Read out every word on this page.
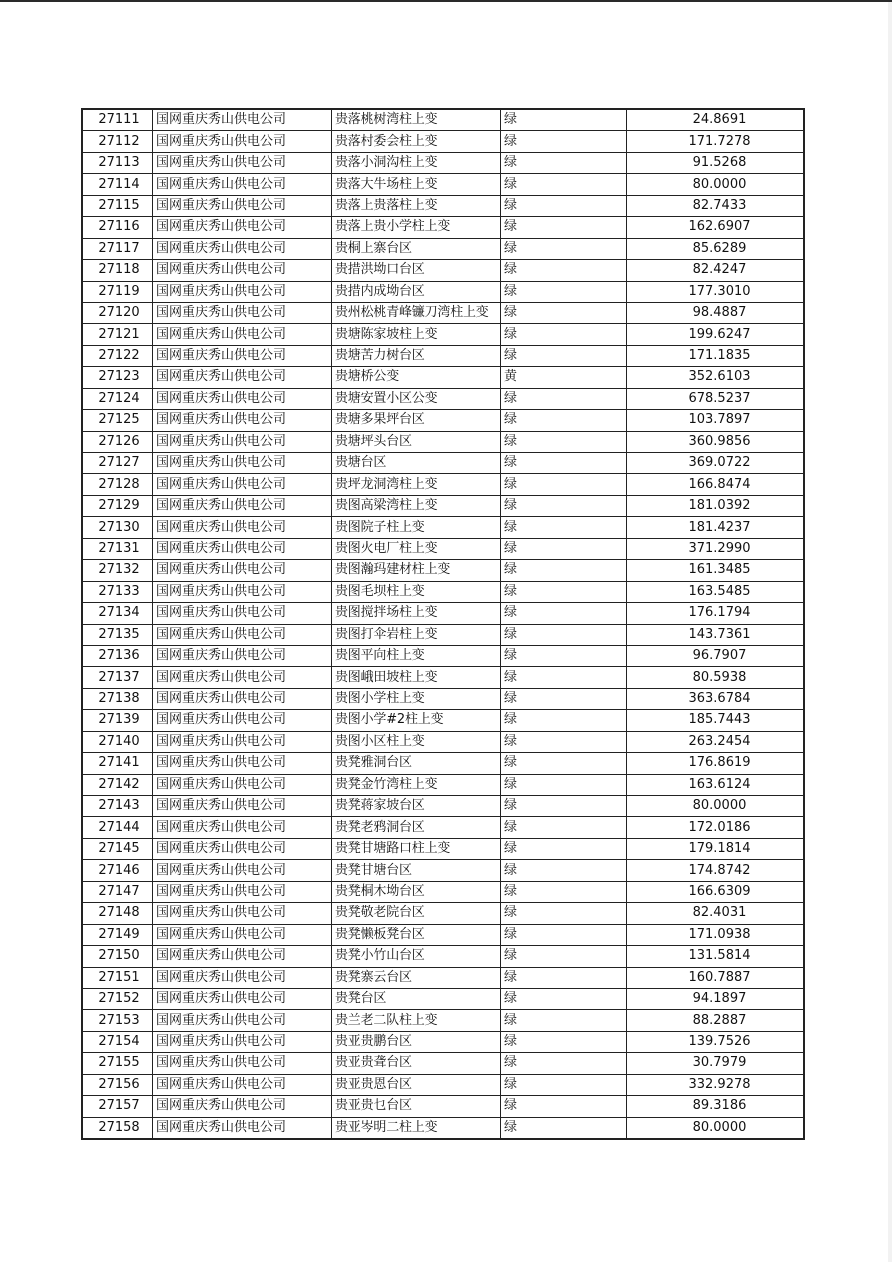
27111	国网重庆秀山供电公司	贵落桃树湾柱上变	绿	24.8691
27112	国网重庆秀山供电公司	贵落村委会柱上变	绿	171.7278
27113	国网重庆秀山供电公司	贵落小洞沟柱上变	绿	91.5268
27114	国网重庆秀山供电公司	贵落大牛场柱上变	绿	80.0000
27115	国网重庆秀山供电公司	贵落上贵落柱上变	绿	82.7433
27116	国网重庆秀山供电公司	贵落上贵小学柱上变	绿	162.6907
27117	国网重庆秀山供电公司	贵桐上寨台区	绿	85.6289
27118	国网重庆秀山供电公司	贵措洪坳口台区	绿	82.4247
27119	国网重庆秀山供电公司	贵措内成坳台区	绿	177.3010
27120	国网重庆秀山供电公司	贵州松桃青峰镰刀湾柱上变	绿	98.4887
27121	国网重庆秀山供电公司	贵塘陈家坡柱上变	绿	199.6247
27122	国网重庆秀山供电公司	贵塘苦力树台区	绿	171.1835
27123	国网重庆秀山供电公司	贵塘桥公变	黄	352.6103
27124	国网重庆秀山供电公司	贵塘安置小区公变	绿	678.5237
27125	国网重庆秀山供电公司	贵塘多果坪台区	绿	103.7897
27126	国网重庆秀山供电公司	贵塘坪头台区	绿	360.9856
27127	国网重庆秀山供电公司	贵塘台区	绿	369.0722
27128	国网重庆秀山供电公司	贵坪龙洞湾柱上变	绿	166.8474
27129	国网重庆秀山供电公司	贵图高梁湾柱上变	绿	181.0392
27130	国网重庆秀山供电公司	贵图院子柱上变	绿	181.4237
27131	国网重庆秀山供电公司	贵图火电厂柱上变	绿	371.2990
27132	国网重庆秀山供电公司	贵图瀚玛建材柱上变	绿	161.3485
27133	国网重庆秀山供电公司	贵图毛坝柱上变	绿	163.5485
27134	国网重庆秀山供电公司	贵图搅拌场柱上变	绿	176.1794
27135	国网重庆秀山供电公司	贵图打伞岩柱上变	绿	143.7361
27136	国网重庆秀山供电公司	贵图平向柱上变	绿	96.7907
27137	国网重庆秀山供电公司	贵图峨田坡柱上变	绿	80.5938
27138	国网重庆秀山供电公司	贵图小学柱上变	绿	363.6784
27139	国网重庆秀山供电公司	贵图小学#2柱上变	绿	185.7443
27140	国网重庆秀山供电公司	贵图小区柱上变	绿	263.2454
27141	国网重庆秀山供电公司	贵凳雅洞台区	绿	176.8619
27142	国网重庆秀山供电公司	贵凳金竹湾柱上变	绿	163.6124
27143	国网重庆秀山供电公司	贵凳蒋家坡台区	绿	80.0000
27144	国网重庆秀山供电公司	贵凳老鸦洞台区	绿	172.0186
27145	国网重庆秀山供电公司	贵凳甘塘路口柱上变	绿	179.1814
27146	国网重庆秀山供电公司	贵凳甘塘台区	绿	174.8742
27147	国网重庆秀山供电公司	贵凳桐木坳台区	绿	166.6309
27148	国网重庆秀山供电公司	贵凳敬老院台区	绿	82.4031
27149	国网重庆秀山供电公司	贵凳懒板凳台区	绿	171.0938
27150	国网重庆秀山供电公司	贵凳小竹山台区	绿	131.5814
27151	国网重庆秀山供电公司	贵凳寨云台区	绿	160.7887
27152	国网重庆秀山供电公司	贵凳台区	绿	94.1897
27153	国网重庆秀山供电公司	贵兰老二队柱上变	绿	88.2887
27154	国网重庆秀山供电公司	贵亚贵鹏台区	绿	139.7526
27155	国网重庆秀山供电公司	贵亚贵聋台区	绿	30.7979
27156	国网重庆秀山供电公司	贵亚贵恩台区	绿	332.9278
27157	国网重庆秀山供电公司	贵亚贵乜台区	绿	89.3186
27158	国网重庆秀山供电公司	贵亚岑明二柱上变	绿	80.0000
